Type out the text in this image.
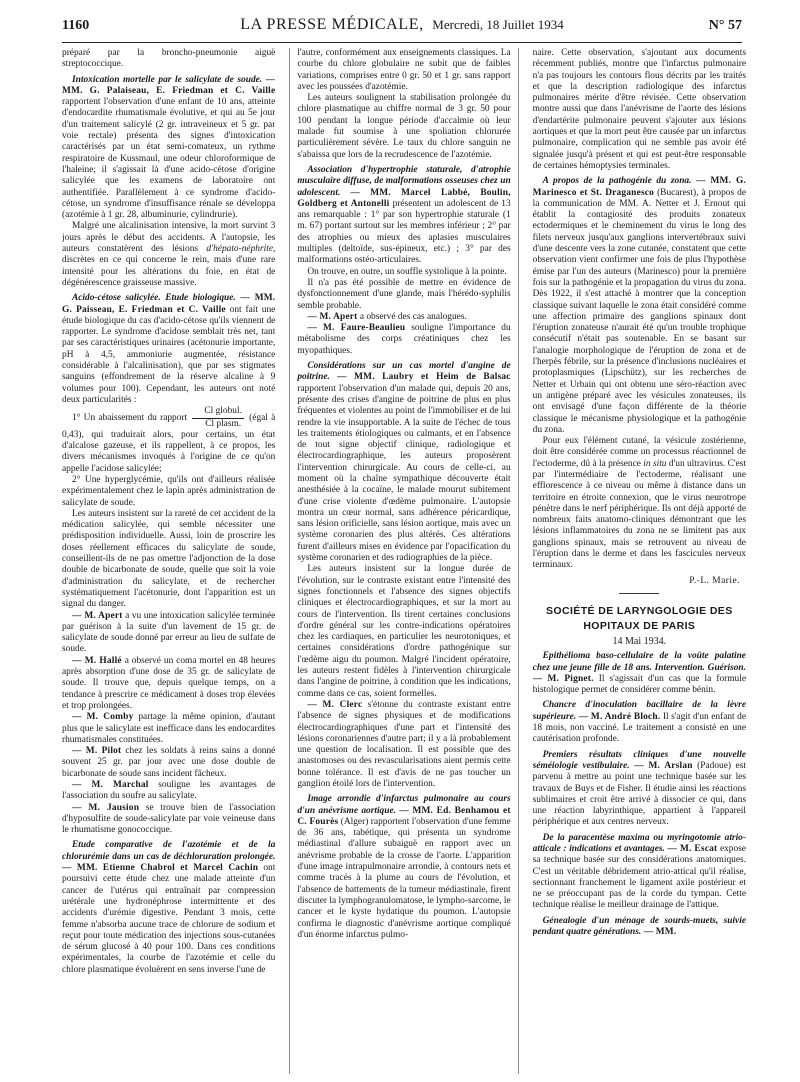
1160	LA PRESSE MÉDICALE, Mercredi, 18 Juillet 1934	N° 57

préparé par la broncho-pneumonie aiguë streptococcique.

Intoxication mortelle par le salicylate de soude. — MM. G. Palaiseau, E. Friedman et C. Vaille rapportent l'observation d'une enfant de 10 ans, atteinte d'endocardite rhumatismale évolutive, et qui au 5e jour d'un traitement salicylé (2 gr. intraveineux et 5 gr. par voie rectale) présenta des signes d'intoxication caractérisés par un état semi-comateux, un rythme respiratoire de Kussmaul, une odeur chloroformique de l'haleine; il s'agissait là d'une acido-cétose d'origine salicylée que les examens de laboratoire ont authentifiée. Parallèlement à ce syndrome d'acido-cétose, un syndrome d'insuffisance rénale se développa (azotémie à 1 gr. 28, albuminurie, cylindrurie).

Malgré une alcalinisation intensive, la mort survint 3 jours après le début des accidents. A l'autopsie, les auteurs constatèrent des lésions d'hépato-néphrite, discrètes en ce qui concerne le rein, mais d'une rare intensité pour les altérations du foie, en état de dégénérescence graisseuse massive.

Acido-cétose salicylée. Etude biologique. — MM. G. Paisseau, E. Friedman et C. Vaille ont fait une étude biologique du cas d'acido-cétose qu'ils viennent de rapporter. Le syndrome d'acidose semblait très net, tant par ses caractéristiques urinaires (acétonurie importante, pH à 4,5, ammoniurie augmentée, résistance considérable à l'alcalinisation), que par ses stigmates sanguins (effondrement de la réserve alcaline à 9 volumes pour 100). Cependant, les auteurs ont noté deux particularités :

1° Un abaissement du rapport $\frac{\text{Cl globul.}}{\text{Cl plasm.}}$ (égal à 0,43), qui traduirait alors, pour certains, un état d'alcalose gazeuse, et ils rappellent, à ce propos, les divers mécanismes invoqués à l'origine de ce qu'on appelle l'acidose salicylée;

2° Une hyperglycémie, qu'ils ont d'ailleurs réalisée expérimentalement chez le lapin après administration de salicylate de soude.

Les auteurs insistent sur la rareté de cet accident de la médication salicylée, qui semble nécessiter une prédisposition individuelle. Aussi, loin de proscrire les doses réellement efficaces du salicylate de soude, conseillent-ils de ne pas omettre l'adjonction de la dose double de bicarbonate de soude, quelle que soit la voie d'administration du salicylate, et de rechercher systématiquement l'acétonurie, dont l'apparition est un signal du danger.

— M. Apert a vu une intoxication salicylée terminée par guérison à la suite d'un lavement de 15 gr. de salicylate de soude donné par erreur au lieu de sulfate de soude.

— M. Hallé a observé un coma mortel en 48 heures après absorption d'une dose de 35 gr. de salicylate de soude. Il trouve que, depuis quelque temps, on a tendance à prescrire ce médicament à doses trop élevées et trop prolongées.

— M. Comby partage la même opinion, d'autant plus que le salicylate est inefficace dans les endocardites rhumatismales constituées.

— M. Pilot chez les soldats à reins sains a donné souvent 25 gr. par jour avec une dose double de bicarbonate de soude sans incident fâcheux.

— M. Marchal souligne les avantages de l'association du soufre au salicylate.

— M. Jausion se trouve bien de l'association d'hyposulfite de soude-salicylate par voie veineuse dans le rhumatisme gonococcique.

Etude comparative de l'azotémie et de la chlorurémie dans un cas de déchloruration prolongée. — MM. Etienne Chabrol et Marcel Cachin ont poursuivi cette étude chez une malade atteinte d'un cancer de l'utérus qui entraînait par compression urétérale une hydronéphrose intermittente et des accidents d'urémie digestive. Pendant 3 mois, cette femme n'absorba aucune trace de chlorure de sodium et reçut pour toute médication des injections sous-cutanées de sérum glucosé à 40 pour 100. Dans ces conditions expérimentales, la courbe de l'azotémie et celle du chlore plasmatique évoluèrent en sens inverse l'une de

l'autre, conformément aux enseignements classiques. La courbe du chlore globulaire ne subit que de faibles variations, comprises entre 0 gr. 50 et 1 gr. sans rapport avec les poussées d'azotémie.

Les auteurs soulignent la stabilisation prolongée du chlore plasmatique au chiffre normal de 3 gr. 50 pour 100 pendant la longue période d'accalmie où leur malade fut soumise à une spoliation chlorurée particulièrement sévère. Le taux du chlore sanguin ne s'abaissa que lors de la recrudescence de l'azotémie.

Association d'hypertrophie staturale, d'atrophie musculaire diffuse, de malformations osseuses chez un adolescent. — MM. Marcel Labbé, Boulin, Goldberg et Antonelli présentent un adolescent de 13 ans remarquable : 1° par son hypertrophie staturale (1 m. 67) portant surtout sur les membres inférieur ; 2° par des atrophies ou mieux des aplasies musculaires multiples (deltoïde, sus-épineux, etc.) ; 3° par des malformations ostéo-articulaires.

On trouve, en outre, un souffle systolique à la pointe.

Il n'a pas été possible de mettre en évidence de dysfonctionnement d'une glande, mais l'hérédo-syphilis semble probable.

— M. Apert a observé des cas analogues.

— M. Faure-Beaulieu souligne l'importance du métabolisme des corps créatiniques chez les myopathiques.

Considérations sur un cas mortel d'angine de poitrine. — MM. Laubry et Heim de Balsac rapportent l'observation d'un malade qui, depuis 20 ans, présente des crises d'angine de poitrine de plus en plus fréquentes et violentes au point de l'immobiliser et de lui rendre la vie insupportable. A la suite de l'échec de tous les traitements étiologiques ou calmants, et en l'absence de tout signe objectif clinique, radiologique et électrocardiographique, les auteurs proposèrent l'intervention chirurgicale. Au cours de celle-ci, au moment où la chaîne sympathique découverte était anesthésiée à la cocaïne, le malade mourut subitement d'une crise violente d'œdème pulmonaire. L'autopsie montra un cœur normal, sans adhérence péricardique, sans lésion orificielle, sans lésion aortique, mais avec un système coronarien des plus altérés. Ces altérations furent d'ailleurs mises en évidence par l'opacification du système coronarien et des radiographies de la pièce.

Les auteurs insistent sur la longue durée de l'évolution, sur le contraste existant entre l'intensité des signes fonctionnels et l'absence des signes objectifs cliniques et électrocardiographiques, et sur la mort au cours de l'intervention. Ils tirent certaines conclusions d'ordre général sur les contre-indications opératoires chez les cardiaques, en particulier les neurotoniques, et certaines considérations d'ordre pathogénique sur l'œdème aigu du poumon. Malgré l'incident opératoire, les auteurs restent fidèles à l'intervention chirurgicale dans l'angine de poitrine, à condition que les indications, comme dans ce cas, soient formelles.

— M. Clerc s'étonne du contraste existant entre l'absence de signes physiques et de modifications électrocardiographiques d'une part et l'intensité des lésions coronariennes d'autre part; il y a là probablement une question de localisation. Il est possible que des anastomoses ou des revascularisations aient permis cette bonne tolérance. Il est d'avis de ne pas toucher un ganglion étoilé lors de l'intervention.

Image arrondie d'infarctus pulmonaire au cours d'un anévrisme aortique. — MM. Ed. Benhamou et C. Fourès (Alger) rapportent l'observation d'une femme de 36 ans, tabétique, qui présenta un syndrome médiastinal d'allure subaiguë en rapport avec un anévrisme probable de la crosse de l'aorte. L'apparition d'une image intrapulmonaire arrondie, à contours nets et comme tracés à la plume au cours de l'évolution, et l'absence de battements de la tumeur médiastinale, firent discuter la lymphogranulomatose, le lympho-sarcome, le cancer et le kyste hydatique du poumon. L'autopsie confirma le diagnostic d'anévrisme aortique compliqué d'un énorme infarctus pulmo-

naire. Cette observation, s'ajoutant aux documents récemment publiés, montre que l'infarctus pulmonaire n'a pas toujours les contours flous décrits par les traités et que la description radiologique des infarctus pulmonaires mérite d'être révisée. Cette observation montre aussi que dans l'anévrisme de l'aorte des lésions d'endartérite pulmonaire peuvent s'ajouter aux lésions aortiques et que la mort peut être causée par un infarctus pulmonaire, complication qui ne semble pas avoir été signalée jusqu'à présent et qui est peut-être responsable de certaines hémoptysies terminales.

A propos de la pathogénie du zona. — MM. G. Marinesco et St. Draganesco (Bucarest), à propos de la communication de MM. A. Netter et J. Ernout qui établit la contagiosité des produits zonateux ectodermiques et le cheminement du virus le long des filets nerveux jusqu'aux ganglions intervertébraux suivi d'une descente vers la zone cutanée, constatent que cette observation vient confirmer une fois de plus l'hypothèse émise par l'un des auteurs (Marinesco) pour la première fois sur la pathogénie et la propagation du virus du zona. Dès 1922, il s'est attaché à montrer que la conception classique suivant laquelle le zona était considéré comme une affection primaire des ganglions spinaux dont l'éruption zonateuse n'aurait été qu'un trouble trophique consécutif n'était pas soutenable. En se basant sur l'analogie morphologique de l'éruption de zona et de l'herpès fébrile, sur la présence d'inclusions nucléaires et protoplasmiques (Lipschütz), sur les recherches de Netter et Urbain qui ont obtenu une séro-réaction avec un antigène préparé avec les vésicules zonateuses, ils ont envisagé d'une façon différente de la théorie classique le mécanisme physiologique et la pathogénie du zona.

Pour eux l'élément cutané, la vésicule zostérienne, doit être considérée comme un processus réactionnel de l'ectoderme, dû à la présence in situ d'un ultravirus. C'est par l'intermédiaire de l'ectoderme, réalisant une efflorescence à ce niveau ou même à distance dans un territoire en étroite connexion, que le virus neurotrope pénètre dans le nerf périphérique. Ils ont déjà apporté de nombreux faits anatomo-cliniques démontrant que les lésions inflammatoires du zona ne se limitent pas aux ganglions spinaux, mais se retrouvent au niveau de l'éruption dans le derme et dans les fascicules nerveux terminaux.

P.-L. Marie.
SOCIÉTÉ DE LARYNGOLOGIE DES HOPITAUX DE PARIS
14 Mai 1934.

Epithélioma baso-cellulaire de la voûte palatine chez une jeune fille de 18 ans. Intervention. Guérison. — M. Pignet. Il s'agissait d'un cas que la formule histologique permet de considérer comme bénin.

Chancre d'inoculation bacillaire de la lèvre supérieure. — M. André Bloch. Il s'agit d'un enfant de 18 mois, non vacciné. Le traitement a consisté en une cautérisation profonde.

Premiers résultats cliniques d'une nouvelle séméiologie vestibulaire. — M. Arslan (Padoue) est parvenu à mettre au point une technique basée sur les travaux de Buys et de Fisher. Il étudie ainsi les réactions sublimaires et croit être arrivé à dissocier ce qui, dans une réaction labyrinthique, appartient à l'appareil périphérique et aux centres nerveux.

De la paracentèse maxima ou myringotomie atrio-atticale : indications et avantages. — M. Escat expose sa technique basée sur des considérations anatomiques. C'est un véritable débridement atrio-attical qu'il réalise, sectionnant franchement le ligament axile postérieur et ne se préoccupant pas de la corde du tympan. Cette technique réalise le meilleur drainage de l'attique.

Génealogie d'un ménage de sourds-muets, suivie pendant quatre générations. — MM.
